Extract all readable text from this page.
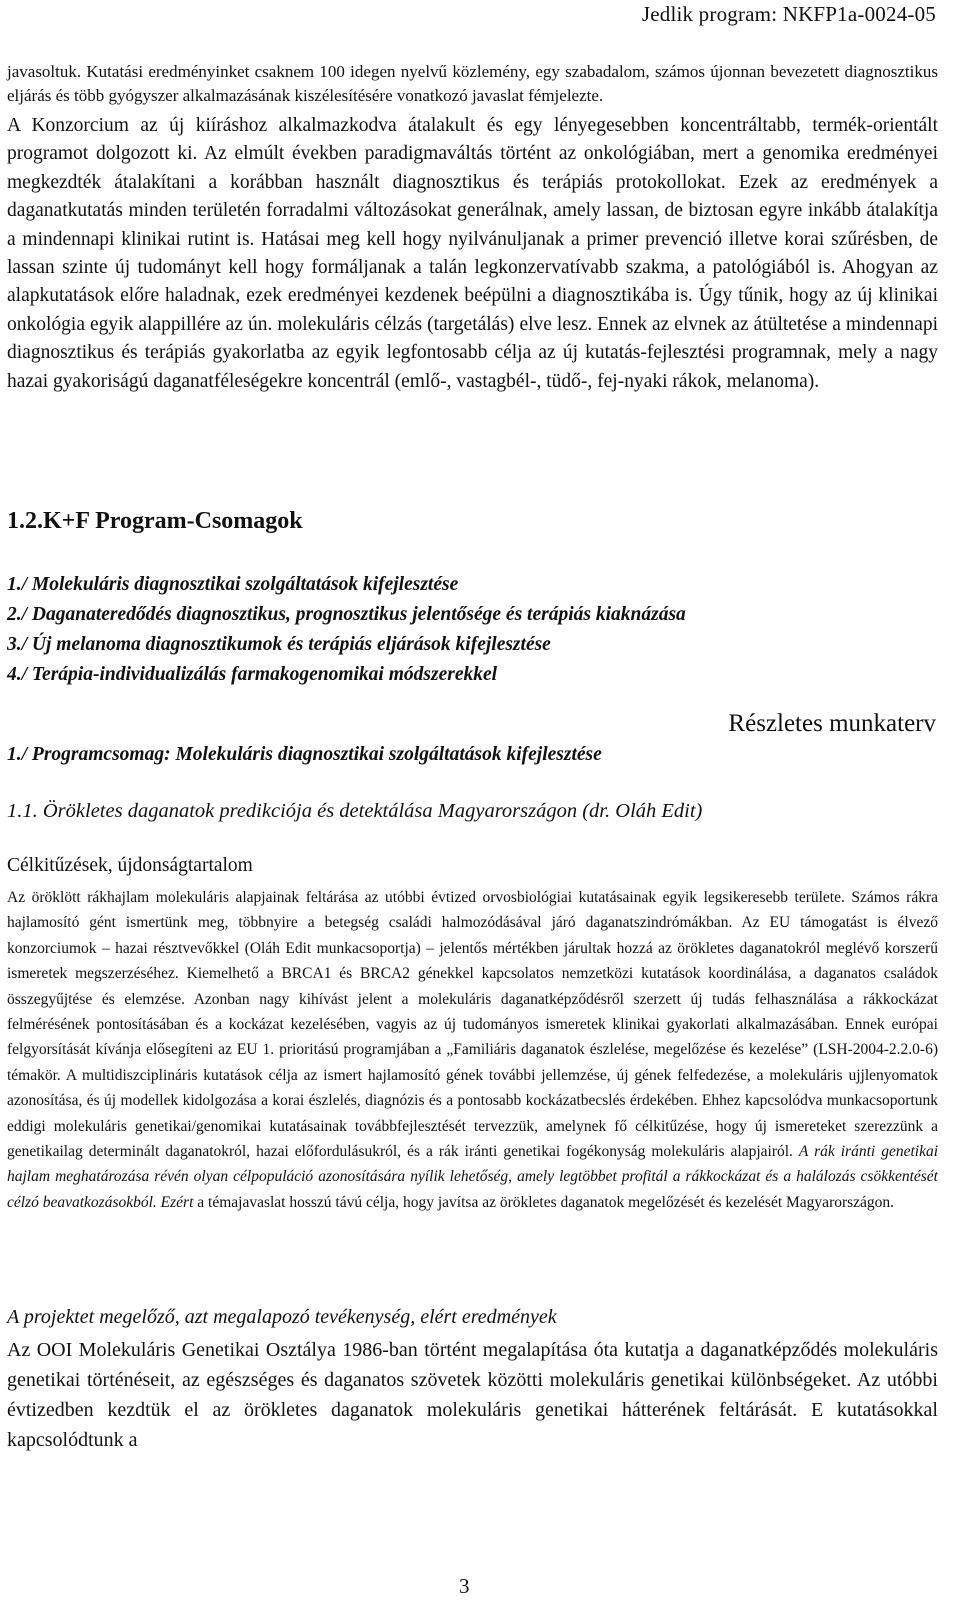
Jedlik program: NKFP1a-0024-05

javasoltuk. Kutatási eredményinket csaknem 100 idegen nyelvű közlemény, egy szabadalom, számos újonnan bevezetett diagnosztikus eljárás és több gyógyszer alkalmazásának kiszélesítésére vonatkozó javaslat fémjelezte.

A Konzorcium az új kiíráshoz alkalmazkodva átalakult és egy lényegesebben koncentráltabb, termék-orientált programot dolgozott ki. Az elmúlt években paradigmaváltás történt az onkológiában, mert a genomika eredményei megkezdték átalakítani a korábban használt diagnosztikus és terápiás protokollokat. Ezek az eredmények a daganatkutatás minden területén forradalmi változásokat generálnak, amely lassan, de biztosan egyre inkább átalakítja a mindennapi klinikai rutint is. Hatásai meg kell hogy nyilvánuljanak a primer prevenció illetve korai szűrésben, de lassan szinte új tudományt kell hogy formáljanak a talán legkonzervatívabb szakma, a patológiából is. Ahogyan az alapkutatások előre haladnak, ezek eredményei kezdenek beépülni a diagnosztikába is. Úgy tűnik, hogy az új klinikai onkológia egyik alappillére az ún. molekuláris célzás (targetálás) elve lesz. Ennek az elvnek az átültetése a mindennapi diagnosztikus és terápiás gyakorlatba az egyik legfontosabb célja az új kutatás-fejlesztési programnak, mely a nagy hazai gyakoriságú daganatféleségekre koncentrál (emlő-, vastagbél-, tüdő-, fej-nyaki rákok, melanoma).

1.2.K+F Program-Csomagok
1./ Molekuláris diagnosztikai szolgáltatások kifejlesztése
2./ Daganateredődés diagnosztikus, prognosztikus jelentősége és terápiás kiaknázása
3./ Új melanoma diagnosztikumok és terápiás eljárások kifejlesztése
4./ Terápia-individualizálás farmakogenomikai módszerekkel
Részletes munkaterv
1./ Programcsomag: Molekuláris diagnosztikai szolgáltatások kifejlesztése
1.1. Örökletes daganatok predikciója és detektálása Magyarországon (dr. Oláh Edit)
Célkitűzések, újdonságtartalom

Az öröklött rákhajlam molekuláris alapjainak feltárása az utóbbi évtized orvosbiológiai kutatásainak egyik legsikeresebb területe. Számos rákra hajlamosító gént ismertünk meg, többnyire a betegség családi halmozódásával járó daganatszindrómákban. Az EU támogatást is élvező konzorciumok – hazai résztvevőkkel (Oláh Edit munkacsoportja) – jelentős mértékben járultak hozzá az örökletes daganatokról meglévő korszerű ismeretek megszerzéséhez. Kiemelhető a BRCA1 és BRCA2 génekkel kapcsolatos nemzetközi kutatások koordinálása, a daganatos családok összegyűjtése és elemzése. Azonban nagy kihívást jelent a molekuláris daganatképződésről szerzett új tudás felhasználása a rákkockázat felmérésének pontosításában és a kockázat kezelésében, vagyis az új tudományos ismeretek klinikai gyakorlati alkalmazásában. Ennek európai felgyorsítását kívánja elősegíteni az EU 1. prioritású programjában a „Familiáris daganatok észlelése, megelőzése és kezelése” (LSH-2004-2.2.0-6) témakör. A multidiszciplináris kutatások célja az ismert hajlamosító gének további jellemzése, új gének felfedezése, a molekuláris ujjlenyomatok azonosítása, és új modellek kidolgozása a korai észlelés, diagnózis és a pontosabb kockázatbecslés érdekében. Ehhez kapcsolódva munkacsoportunk eddigi molekuláris genetikai/genomikai kutatásainak továbbfejlesztését tervezzük, amelynek fő célkitűzése, hogy új ismereteket szerezzünk a genetikailag determinált daganatokról, hazai előfordulásukról, és a rák iránti genetikai fogékonyság molekuláris alapjairól. A rák iránti genetikai hajlam meghatározása révén olyan célpopuláció azonosítására nyílik lehetőség, amely legtöbbet profitál a rákkockázat és a halálozás csökkentését célzó beavatkozásokból. Ezért a témajavaslat hosszú távú célja, hogy javítsa az örökletes daganatok megelőzését és kezelését Magyarországon.

A projektet megelőző, azt megalapozó tevékenység, elért eredmények

Az OOI Molekuláris Genetikai Osztálya 1986-ban történt megalapítása óta kutatja a daganatképződés molekuláris genetikai történéseit, az egészséges és daganatos szövetek közötti molekuláris genetikai különbségeket. Az utóbbi évtizedben kezdtük el az örökletes daganatok molekuláris genetikai hátterének feltárását. E kutatásokkal kapcsolódtunk a

3
